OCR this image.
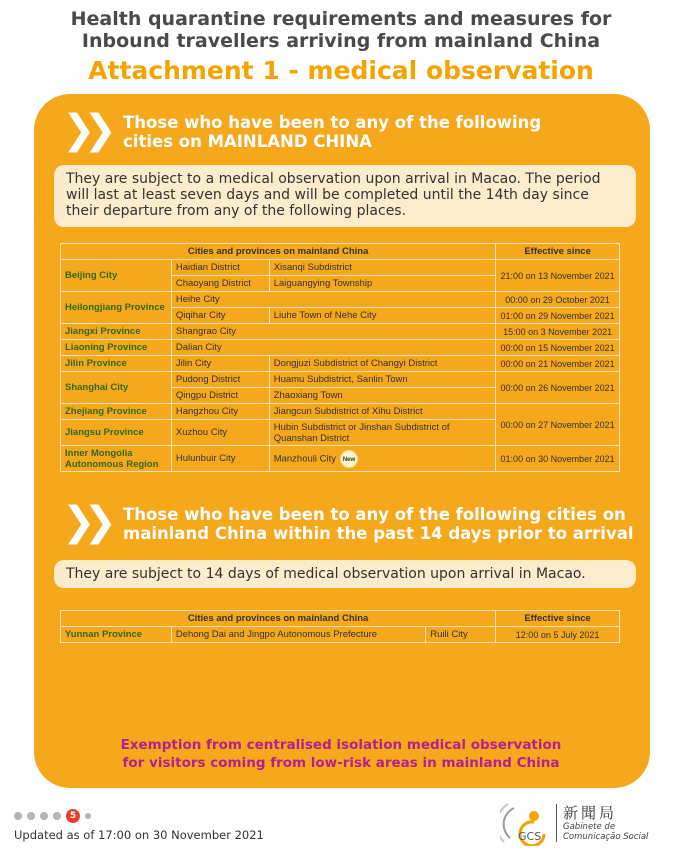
Health quarantine requirements and measures for
Inbound travellers arriving from mainland China
Attachment 1 - medical observation
❯❯ Those who have been to any of the following
cities on MAINLAND CHINA
They are subject to a medical observation upon arrival in Macao. The period will last at least seven days and will be completed until the 14th day since their departure from any of the following places.
Cities and provinces on mainland China			Effective since
Beijing City	Haidian District	Xisanqi Subdistrict	21:00 on 13 November 2021
	Chaoyang District	Laiguangying Township	
Heilongjiang Province	Heihe City		00:00 on 29 October 2021
	Qiqihar City	Liuhe Town of Nehe City	01:00 on 29 November 2021
Jiangxi Province	Shangrao City		15:00 on 3 November 2021
Liaoning Province	Dalian City		00:00 on 15 November 2021
Jilin Province	Jilin City	Dongjuzi Subdistrict of Changyi District	00:00 on 21 November 2021
Shanghai City	Pudong District	Huamu Subdistrict, Sanlin Town	00:00 on 26 November 2021
	Qingpu District	Zhaoxiang Town	
Zhejiang Province	Hangzhou City	Jiangcun Subdistrict of Xihu District	00:00 on 27 November 2021
Jiangsu Province	Xuzhou City	Hubin Subdistrict or Jinshan Subdistrict of Quanshan District	
Inner Mongolia Autonomous Region	Hulunbuir City	Manzhouli City New	01:00 on 30 November 2021
❯❯ Those who have been to any of the following cities on
mainland China within the past 14 days prior to arrival
They are subject to 14 days of medical observation upon arrival in Macao.
Cities and provinces on mainland China			Effective since
Yunnan Province	Dehong Dai and Jingpo Autonomous Prefecture	Ruili City	12:00 on 5 July 2021
Exemption from centralised isolation medical observation
for visitors coming from low-risk areas in mainland China
5
Updated as of 17:00 on 30 November 2021	GCS
新聞局
Gabinete de
Comunicação Social
